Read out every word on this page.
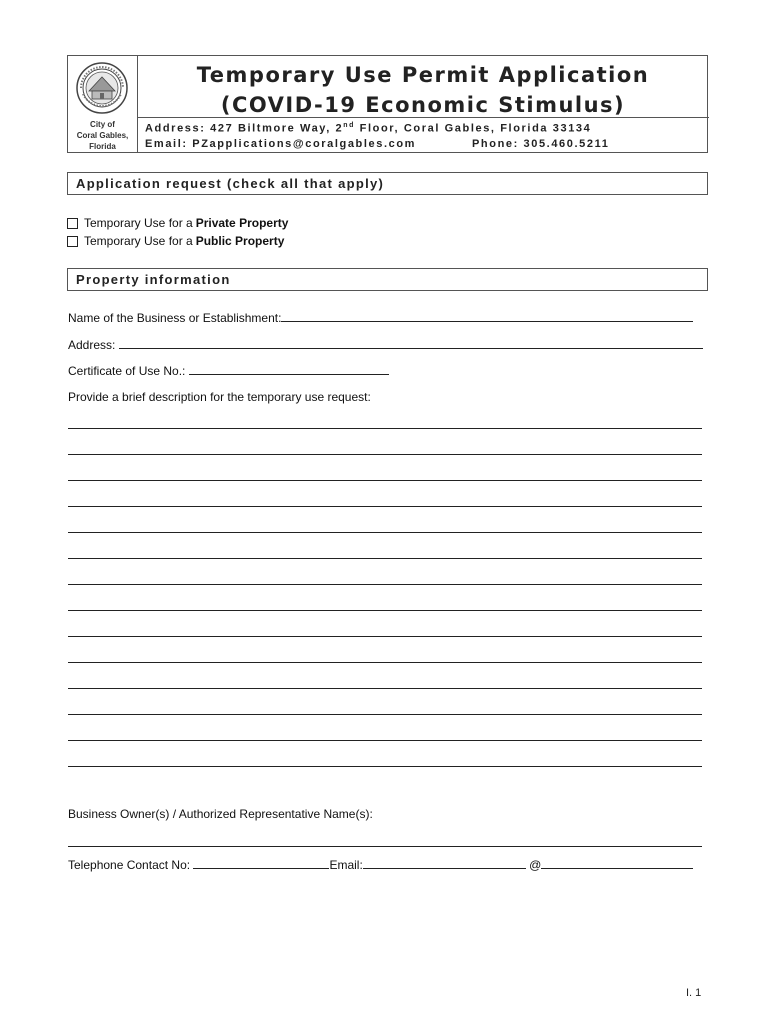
City of
Coral Gables,
Florida
Temporary Use Permit Application
(COVID-19 Economic Stimulus)
Address: 427 Biltmore Way, 2nd Floor, Coral Gables, Florida 33134
Email: PZapplications@coralgables.com	Phone: 305.460.5211
Application request (check all that apply)
Temporary Use for a Private Property
Temporary Use for a Public Property
Property information
Name of the Business or Establishment:
Address:
Certificate of Use No.:
Provide a brief description for the temporary use request:
Business Owner(s) / Authorized Representative Name(s):
Telephone Contact No:	Email:	@
I. 1
